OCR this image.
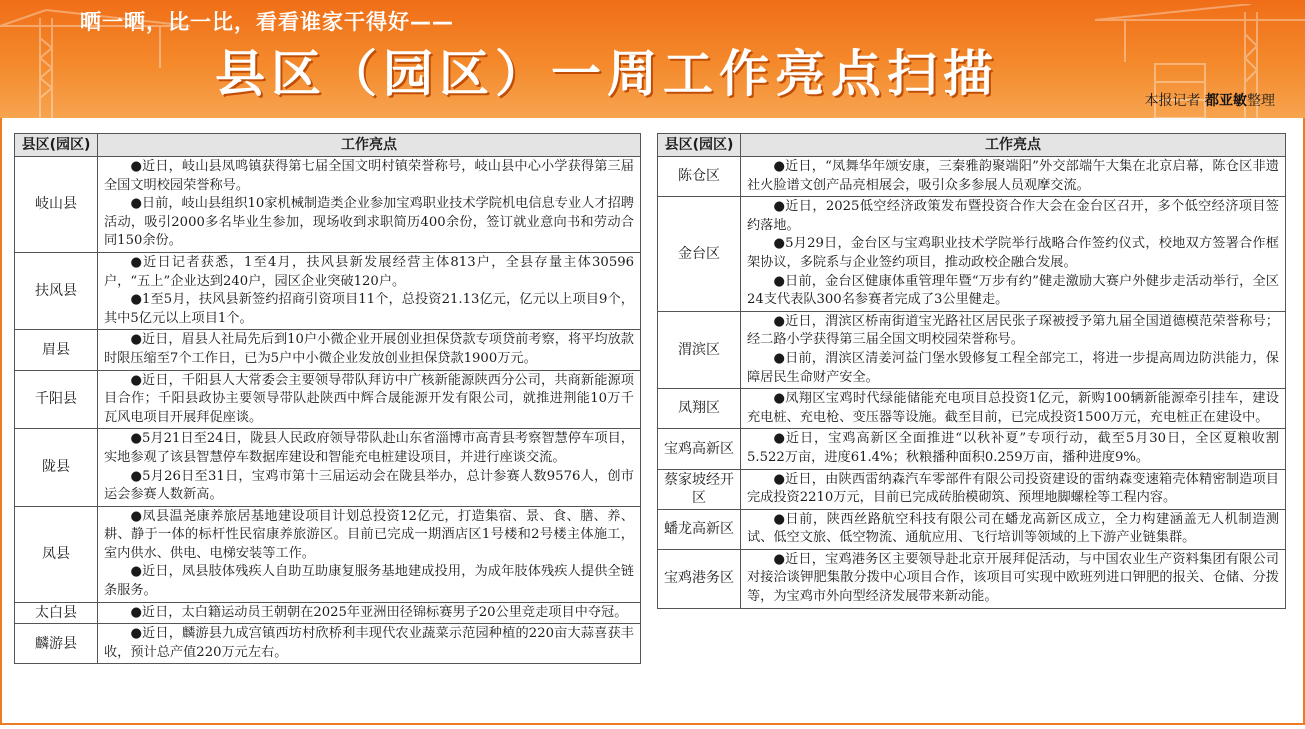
晒一晒，比一比，看看谁家干得好——
县区（园区）一周工作亮点扫描	本报记者 都亚敏整理
县区(园区)	工作亮点
岐山县	●近日，岐山县凤鸣镇获得第七届全国文明村镇荣誉称号，岐山县中心小学获得第三届全国文明校园荣誉称号。

●日前，岐山县组织10家机械制造类企业参加宝鸡职业技术学院机电信息专业人才招聘活动，吸引2000多名毕业生参加，现场收到求职简历400余份，签订就业意向书和劳动合同150余份。

扶风县	●近日记者获悉，1至4月，扶风县新发展经营主体813户，全县存量主体30596户，“五上”企业达到240户，园区企业突破120户。

●1至5月，扶风县新签约招商引资项目11个，总投资21.13亿元，亿元以上项目9个，其中5亿元以上项目1个。

眉县	●近日，眉县人社局先后到10户小微企业开展创业担保贷款专项贷前考察，将平均放款时限压缩至7个工作日，已为5户中小微企业发放创业担保贷款1900万元。

千阳县	●近日，千阳县人大常委会主要领导带队拜访中广核新能源陕西分公司，共商新能源项目合作；千阳县政协主要领导带队赴陕西中辉合晟能源开发有限公司，就推进荆能10万千瓦风电项目开展拜促座谈。

陇县	●5月21日至24日，陇县人民政府领导带队赴山东省淄博市高青县考察智慧停车项目，实地参观了该县智慧停车数据库建设和智能充电桩建设项目，并进行座谈交流。

●5月26日至31日，宝鸡市第十三届运动会在陇县举办，总计参赛人数9576人，创市运会参赛人数新高。

凤县	●凤县温尧康养旅居基地建设项目计划总投资12亿元，打造集宿、景、食、膳、养、耕、静于一体的标杆性民宿康养旅游区。目前已完成一期酒店区1号楼和2号楼主体施工，室内供水、供电、电梯安装等工作。

●近日，凤县肢体残疾人自助互助康复服务基地建成投用，为成年肢体残疾人提供全链条服务。

太白县	●近日，太白籍运动员王朝朝在2025年亚洲田径锦标赛男子20公里竞走项目中夺冠。

麟游县	●近日，麟游县九成宫镇西坊村欣桥利丰现代农业蔬菜示范园种植的220亩大蒜喜获丰收，预计总产值220万元左右。

县区(园区)	工作亮点
陈仓区	●近日，“凤舞华年颂安康，三秦雅韵聚端阳”外交部端午大集在北京启幕，陈仓区非遗社火脸谱文创产品亮相展会，吸引众多参展人员观摩交流。

金台区	●近日，2025低空经济政策发布暨投资合作大会在金台区召开，多个低空经济项目签约落地。

●5月29日，金台区与宝鸡职业技术学院举行战略合作签约仪式，校地双方签署合作框架协议，多院系与企业签约项目，推动政校企融合发展。

●日前，金台区健康体重管理年暨“万步有约”健走激励大赛户外健步走活动举行，全区24支代表队300名参赛者完成了3公里健走。

渭滨区	●近日，渭滨区桥南街道宝光路社区居民张子琛被授予第九届全国道德模范荣誉称号；经二路小学获得第三届全国文明校园荣誉称号。

●日前，渭滨区清姜河益门堡水毁修复工程全部完工，将进一步提高周边防洪能力，保障居民生命财产安全。

凤翔区	●凤翔区宝鸡时代绿能储能充电项目总投资1亿元，新购100辆新能源牵引挂车，建设充电桩、充电枪、变压器等设施。截至目前，已完成投资1500万元，充电桩正在建设中。

宝鸡高新区	●近日，宝鸡高新区全面推进“以秋补夏”专项行动，截至5月30日，全区夏粮收割5.522万亩，进度61.4%；秋粮播种面积0.259万亩，播种进度9%。

蔡家坡经开区	●近日，由陕西雷纳森汽车零部件有限公司投资建设的雷纳森变速箱壳体精密制造项目完成投资2210万元，目前已完成砖胎模砌筑、预埋地脚螺栓等工程内容。

蟠龙高新区	●日前，陕西丝路航空科技有限公司在蟠龙高新区成立，全力构建涵盖无人机制造测试、低空文旅、低空物流、通航应用、飞行培训等领域的上下游产业链集群。

宝鸡港务区	●近日，宝鸡港务区主要领导赴北京开展拜促活动，与中国农业生产资料集团有限公司对接洽谈钾肥集散分拨中心项目合作，该项目可实现中欧班列进口钾肥的报关、仓储、分拨等，为宝鸡市外向型经济发展带来新动能。
